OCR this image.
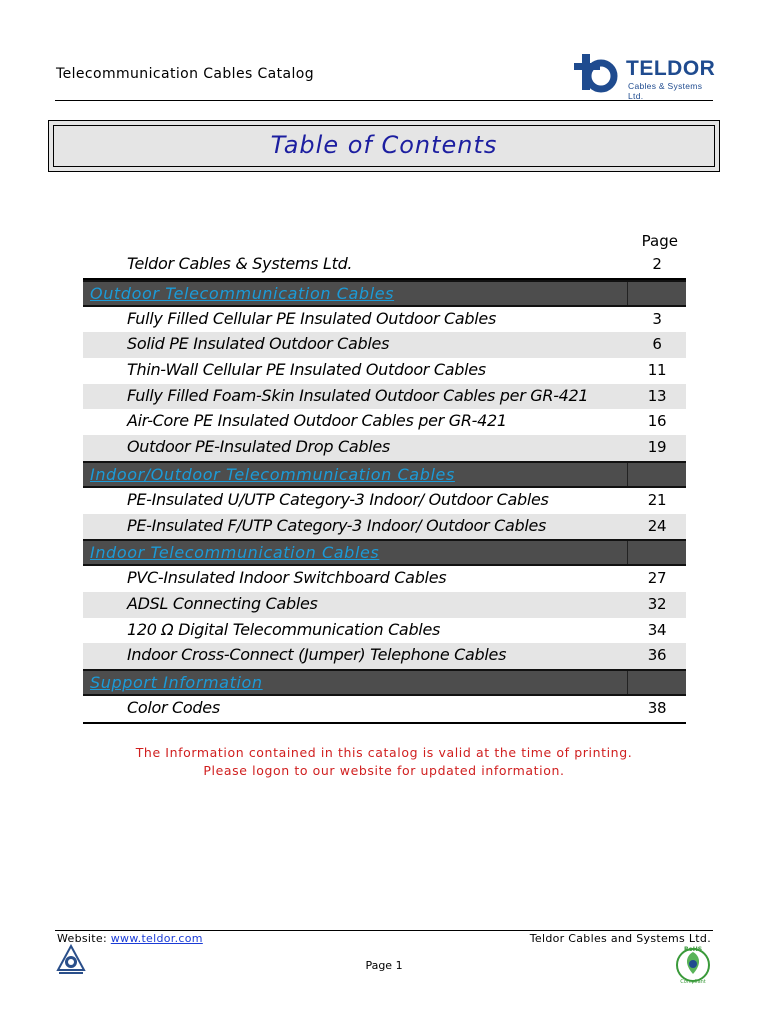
Telecommunication Cables Catalog	TELDOR
Cables & Systems Ltd.
Table of Contents
Page
Teldor Cables & Systems Ltd.	2
Outdoor Telecommunication Cables
Fully Filled Cellular PE Insulated Outdoor Cables	3
Solid PE Insulated Outdoor Cables	6
Thin-Wall Cellular PE Insulated Outdoor Cables	11
Fully Filled Foam-Skin Insulated Outdoor Cables per GR-421	13
Air-Core PE Insulated Outdoor Cables per GR-421	16
Outdoor PE-Insulated Drop Cables	19
Indoor/Outdoor Telecommunication Cables
PE-Insulated U/UTP Category-3 Indoor/ Outdoor Cables	21
PE-Insulated F/UTP Category-3 Indoor/ Outdoor Cables	24
Indoor Telecommunication Cables
PVC-Insulated Indoor Switchboard Cables	27
ADSL Connecting Cables	32
120 Ω Digital Telecommunication Cables	34
Indoor Cross-Connect (Jumper) Telephone Cables	36
Support Information
Color Codes	38
The Information contained in this catalog is valid at the time of printing.
Please logon to our website for updated information.
Website: www.teldor.com	Teldor Cables and Systems Ltd.
Page 1
RoHS
Compliant
